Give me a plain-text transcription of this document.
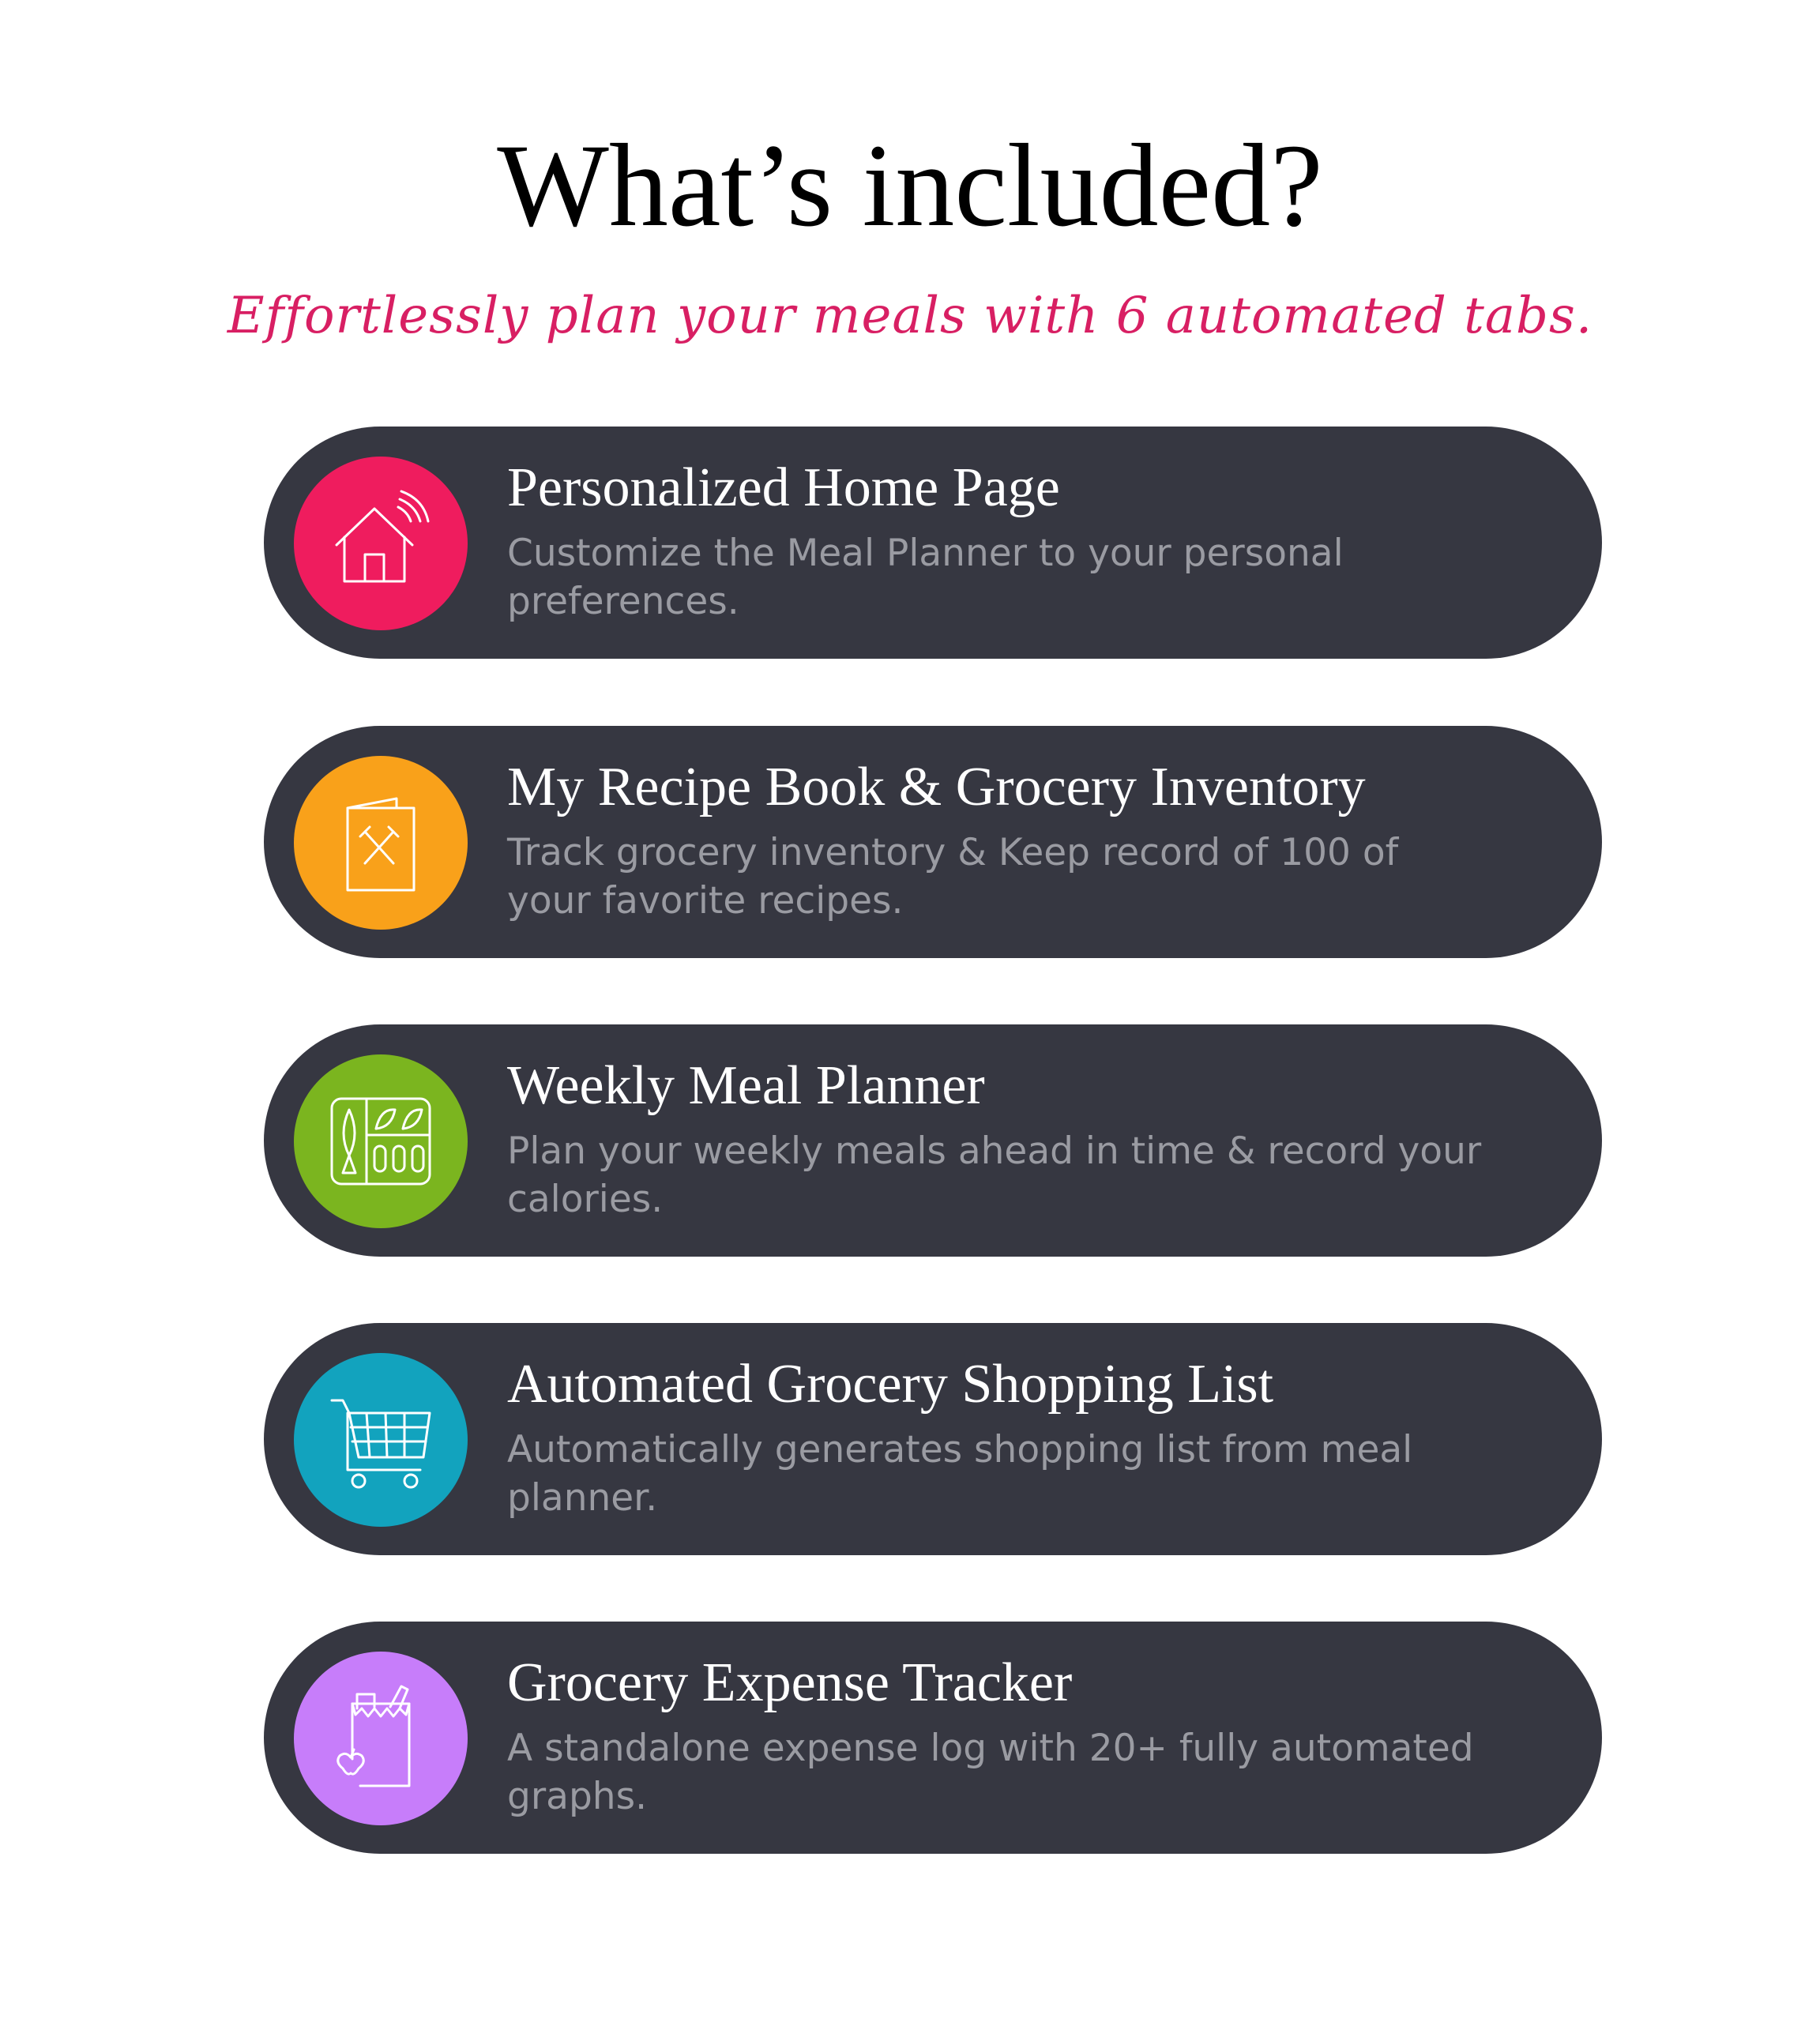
What’s included?
Effortlessly plan your meals with 6 automated tabs.
Personalized Home Page
Customize the Meal Planner to your personal preferences.
My Recipe Book & Grocery Inventory
Track grocery inventory & Keep record of 100 of your favorite recipes.
Weekly Meal Planner
Plan your weekly meals ahead in time & record your calories.
Automated Grocery Shopping List
Automatically generates shopping list from meal planner.
Grocery Expense Tracker
A standalone expense log with 20+ fully automated graphs.
